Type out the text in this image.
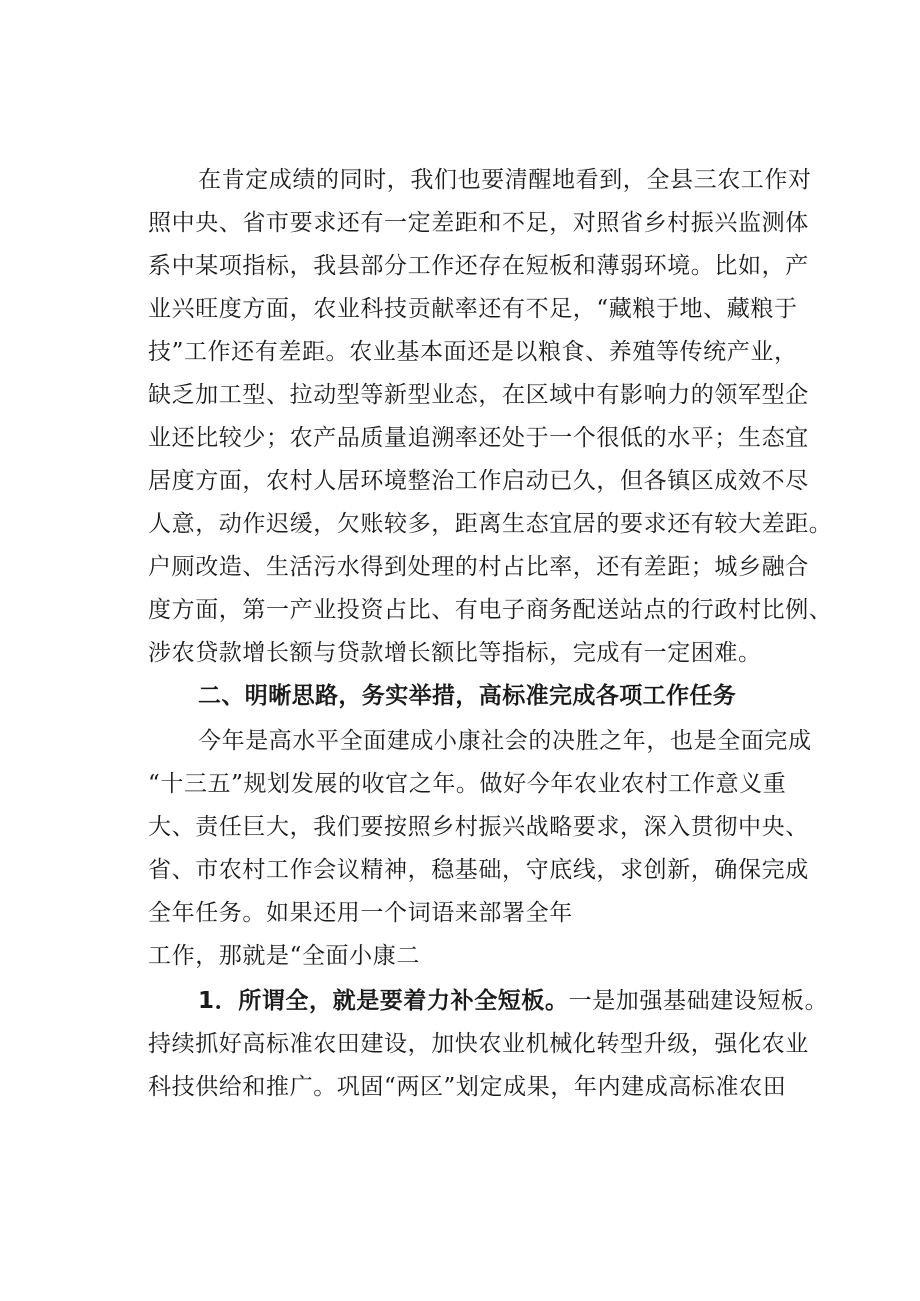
在肯定成绩的同时，我们也要清醒地看到，全县三农工作对
照中央、省市要求还有一定差距和不足，对照省乡村振兴监测体
系中某项指标，我县部分工作还存在短板和薄弱环境。比如，产
业兴旺度方面，农业科技贡献率还有不足，“藏粮于地、藏粮于
技”工作还有差距。农业基本面还是以粮食、养殖等传统产业，
缺乏加工型、拉动型等新型业态，在区域中有影响力的领军型企
业还比较少；农产品质量追溯率还处于一个很低的水平；生态宜
居度方面，农村人居环境整治工作启动已久，但各镇区成效不尽
人意，动作迟缓，欠账较多，距离生态宜居的要求还有较大差距。
户厕改造、生活污水得到处理的村占比率，还有差距；城乡融合
度方面，第一产业投资占比、有电子商务配送站点的行政村比例、
涉农贷款增长额与贷款增长额比等指标，完成有一定困难。
二、明晰思路，务实举措，高标准完成各项工作任务
今年是高水平全面建成小康社会的决胜之年，也是全面完成
“十三五”规划发展的收官之年。做好今年农业农村工作意义重
大、责任巨大，我们要按照乡村振兴战略要求，深入贯彻中央、
省、市农村工作会议精神，稳基础，守底线，求创新，确保完成
全年任务。如果还用一个词语来部署全年
工作，那就是“全面小康二
1．所谓全，就是要着力补全短板。一是加强基础建设短板。
持续抓好高标准农田建设，加快农业机械化转型升级，强化农业
科技供给和推广。巩固“两区”划定成果，年内建成高标准农田
